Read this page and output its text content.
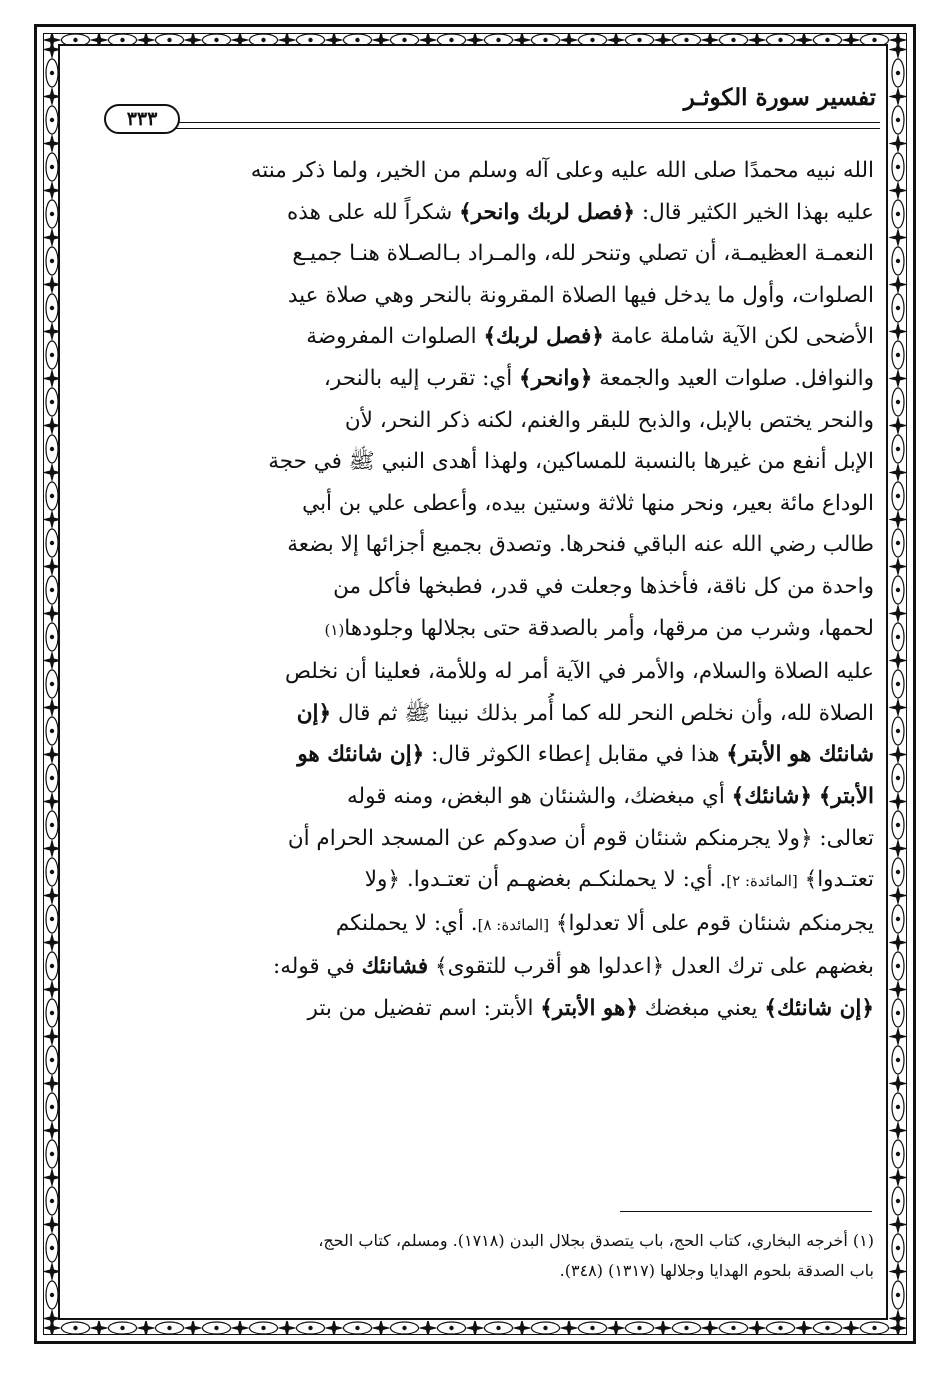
تفسير سورة الكوثـر
٣٣٣
الله نبيه محمدًا صلى الله عليه وعلى آله وسلم من الخير، ولما ذكر منته
عليه بهذا الخير الكثير قال: ﴿فصل لربك وانحر﴾ شكراً لله على هذه
النعمـة العظيمـة، أن تصلي وتنحر لله، والمـراد بـالصـلاة هنـا جميـع
الصلوات، وأول ما يدخل فيها الصلاة المقرونة بالنحر وهي صلاة عيد
الأضحى لكن الآية شاملة عامة ﴿فصل لربك﴾ الصلوات المفروضة
والنوافل. صلوات العيد والجمعة ﴿وانحر﴾ أي: تقرب إليه بالنحر،
والنحر يختص بالإبل، والذبح للبقر والغنم، لكنه ذكر النحر، لأن
الإبل أنفع من غيرها بالنسبة للمساكين، ولهذا أهدى النبي ﷺ في حجة
الوداع مائة بعير، ونحر منها ثلاثة وستين بيده، وأعطى علي بن أبي
طالب رضي الله عنه الباقي فنحرها. وتصدق بجميع أجزائها إلا بضعة
واحدة من كل ناقة، فأخذها وجعلت في قدر، فطبخها فأكل من
لحمها، وشرب من مرقها، وأمر بالصدقة حتى بجلالها وجلودها(١)
عليه الصلاة والسلام، والأمر في الآية أمر له وللأمة، فعلينا أن نخلص
الصلاة لله، وأن نخلص النحر لله كما أُمر بذلك نبينا ﷺ ثم قال ﴿إن
شانئك هو الأبتر﴾ هذا في مقابل إعطاء الكوثر قال: ﴿إن شانئك هو
الأبتر﴾ ﴿شانئك﴾ أي مبغضك، والشنئان هو البغض، ومنه قوله
تعالى: ﴿ولا يجرمنكم شنئان قوم أن صدوكم عن المسجد الحرام أن
تعتـدوا﴾ [المائدة: ٢]. أي: لا يحملنكـم بغضهـم أن تعتـدوا. ﴿ولا
يجرمنكم شنئان قوم على ألا تعدلوا﴾ [المائدة: ٨]. أي: لا يحملنكم
بغضهم على ترك العدل ﴿اعدلوا هو أقرب للتقوى﴾ فشانئك في قوله:
﴿إن شانئك﴾ يعني مبغضك ﴿هو الأبتر﴾ الأبتر: اسم تفضيل من بتر
(١) أخرجه البخاري، كتاب الحج، باب يتصدق بجلال البدن (١٧١٨). ومسلم، كتاب الحج،
باب الصدقة بلحوم الهدايا وجلالها (١٣١٧) (٣٤٨).
